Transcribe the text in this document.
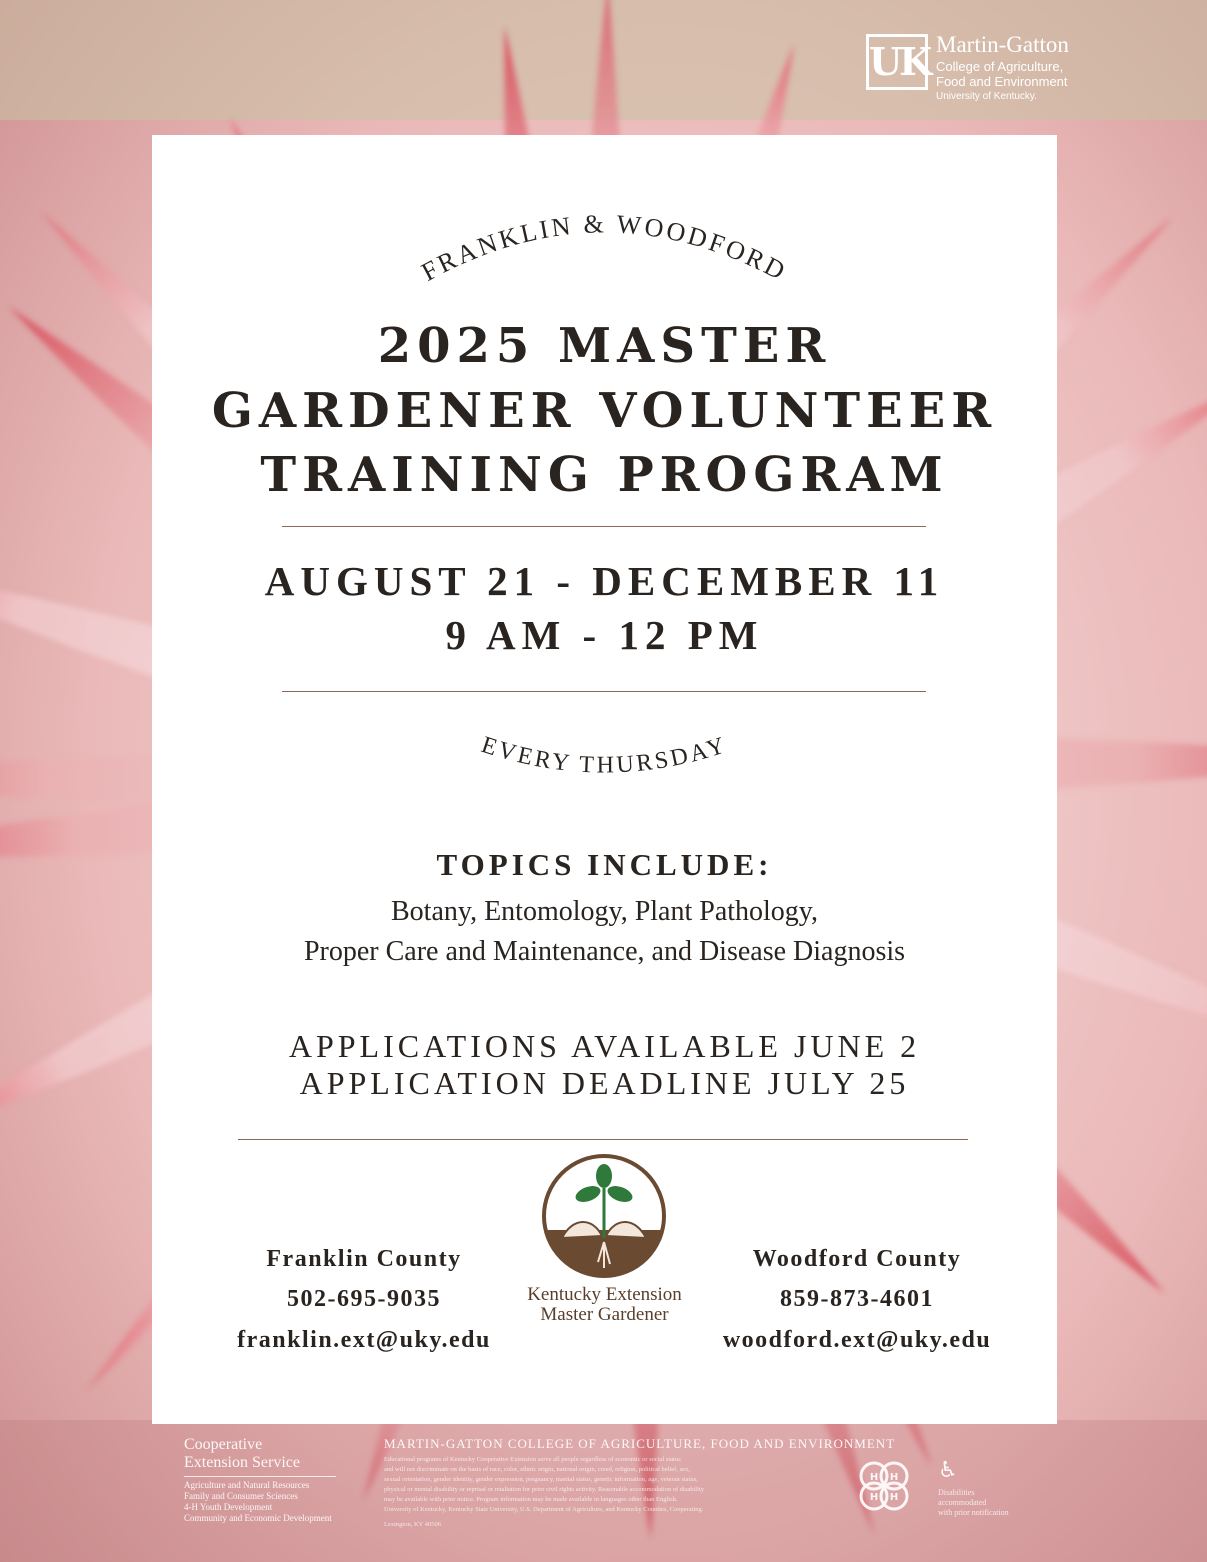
UK Martin-Gatton
College of Agriculture,
Food and Environment
University of Kentucky.
FRANKLIN & WOODFORD
2025 MASTER
GARDENER VOLUNTEER
TRAINING PROGRAM
AUGUST 21 - DECEMBER 11
9 AM - 12 PM
EVERY THURSDAY
TOPICS INCLUDE:
Botany, Entomology, Plant Pathology,
Proper Care and Maintenance, and Disease Diagnosis
APPLICATIONS AVAILABLE JUNE 2
APPLICATION DEADLINE JULY 25
Franklin County
502-695-9035
franklin.ext@uky.edu
Kentucky Extension
Master Gardener
Woodford County
859-873-4601
woodford.ext@uky.edu
Cooperative
Extension Service
Agriculture and Natural Resources
Family and Consumer Sciences
4-H Youth Development
Community and Economic Development
MARTIN-GATTON COLLEGE OF AGRICULTURE, FOOD AND ENVIRONMENT
Educational programs of Kentucky Cooperative Extension serve all people regardless of economic or social status
and will not discriminate on the basis of race, color, ethnic origin, national origin, creed, religion, political belief, sex,
sexual orientation, gender identity, gender expression, pregnancy, marital status, genetic information, age, veteran status,
physical or mental disability or reprisal or retaliation for prior civil rights activity. Reasonable accommodation of disability
may be available with prior notice. Program information may be made available in languages other than English.
University of Kentucky, Kentucky State University, U.S. Department of Agriculture, and Kentucky Counties, Cooperating.
Lexington, KY 40506
H H
H H
♿
Disabilities
accommodated
with prior notification
